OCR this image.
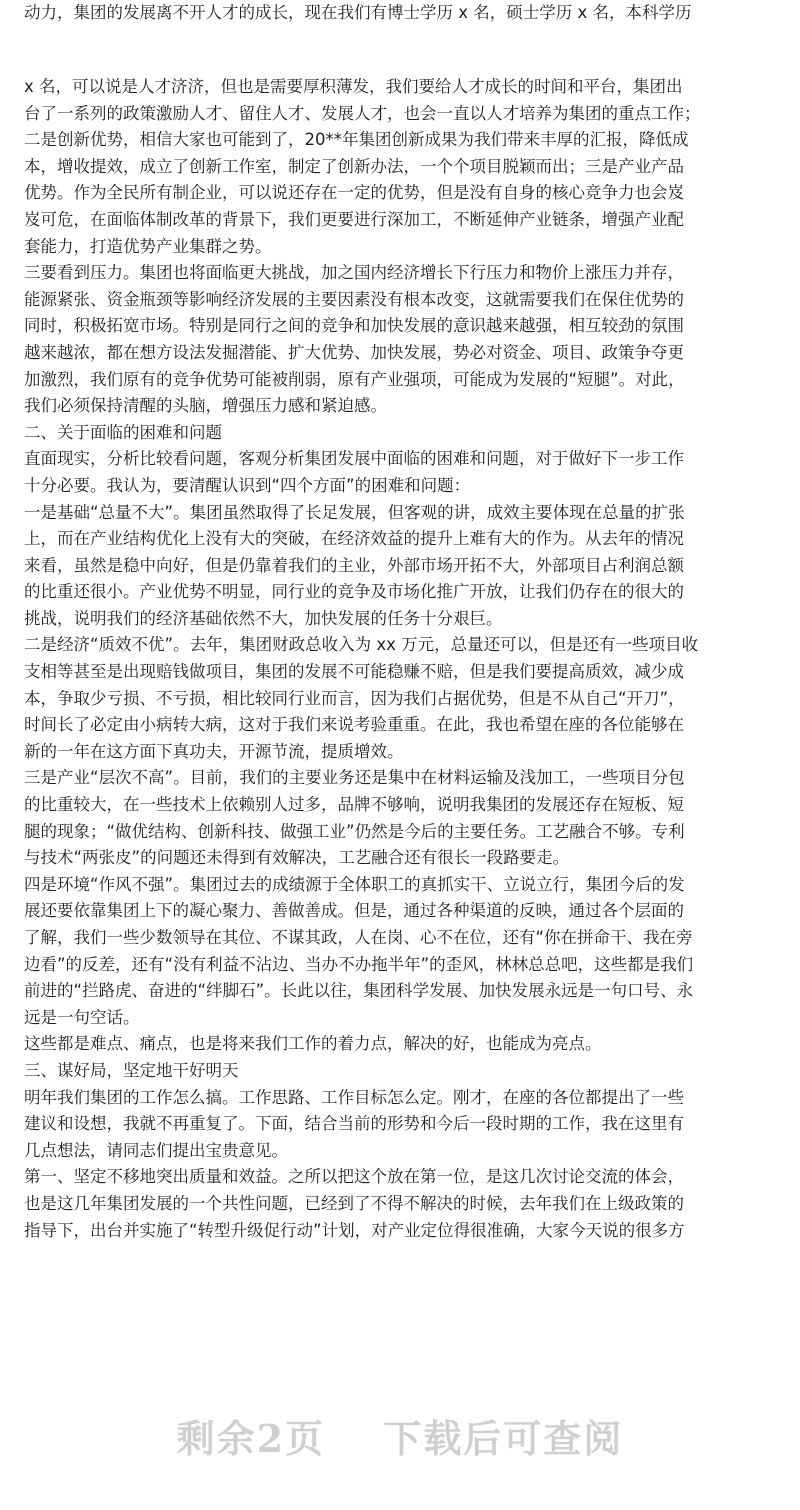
动力，集团的发展离不开人才的成长，现在我们有博士学历 x 名，硕士学历 x 名，本科学历

x 名，可以说是人才济济，但也是需要厚积薄发，我们要给人才成长的时间和平台，集团出

台了一系列的政策激励人才、留住人才、发展人才，也会一直以人才培养为集团的重点工作；

二是创新优势，相信大家也可能到了，20**年集团创新成果为我们带来丰厚的汇报，降低成

本，增收提效，成立了创新工作室，制定了创新办法，一个个项目脱颖而出；三是产业产品

优势。作为全民所有制企业，可以说还存在一定的优势，但是没有自身的核心竞争力也会岌

岌可危，在面临体制改革的背景下，我们更要进行深加工，不断延伸产业链条，增强产业配

套能力，打造优势产业集群之势。

三要看到压力。集团也将面临更大挑战，加之国内经济增长下行压力和物价上涨压力并存，

能源紧张、资金瓶颈等影响经济发展的主要因素没有根本改变，这就需要我们在保住优势的

同时，积极拓宽市场。特别是同行之间的竞争和加快发展的意识越来越强，相互较劲的氛围

越来越浓，都在想方设法发掘潜能、扩大优势、加快发展，势必对资金、项目、政策争夺更

加激烈，我们原有的竞争优势可能被削弱，原有产业强项，可能成为发展的“短腿”。对此，

我们必须保持清醒的头脑，增强压力感和紧迫感。

二、关于面临的困难和问题

直面现实，分析比较看问题，客观分析集团发展中面临的困难和问题，对于做好下一步工作

十分必要。我认为，要清醒认识到“四个方面”的困难和问题：

一是基础“总量不大”。集团虽然取得了长足发展，但客观的讲，成效主要体现在总量的扩张

上，而在产业结构优化上没有大的突破，在经济效益的提升上难有大的作为。从去年的情况

来看，虽然是稳中向好，但是仍靠着我们的主业，外部市场开拓不大，外部项目占利润总额

的比重还很小。产业优势不明显，同行业的竞争及市场化推广开放，让我们仍存在的很大的

挑战，说明我们的经济基础依然不大，加快发展的任务十分艰巨。

二是经济“质效不优”。去年，集团财政总收入为 xx 万元，总量还可以，但是还有一些项目收

支相等甚至是出现赔钱做项目，集团的发展不可能稳赚不赔，但是我们要提高质效，减少成

本，争取少亏损、不亏损，相比较同行业而言，因为我们占据优势，但是不从自己“开刀”，

时间长了必定由小病转大病，这对于我们来说考验重重。在此，我也希望在座的各位能够在

新的一年在这方面下真功夫，开源节流，提质增效。

三是产业“层次不高”。目前，我们的主要业务还是集中在材料运输及浅加工，一些项目分包

的比重较大，在一些技术上依赖别人过多，品牌不够响，说明我集团的发展还存在短板、短

腿的现象；“做优结构、创新科技、做强工业”仍然是今后的主要任务。工艺融合不够。专利

与技术“两张皮”的问题还未得到有效解决，工艺融合还有很长一段路要走。

四是环境“作风不强”。集团过去的成绩源于全体职工的真抓实干、立说立行，集团今后的发

展还要依靠集团上下的凝心聚力、善做善成。但是，通过各种渠道的反映，通过各个层面的

了解，我们一些少数领导在其位、不谋其政，人在岗、心不在位，还有“你在拼命干、我在旁

边看”的反差，还有“没有利益不沾边、当办不办拖半年”的歪风，林林总总吧，这些都是我们

前进的“拦路虎、奋进的“绊脚石”。长此以往，集团科学发展、加快发展永远是一句口号、永

远是一句空话。

这些都是难点、痛点，也是将来我们工作的着力点，解决的好，也能成为亮点。

三、谋好局，坚定地干好明天

明年我们集团的工作怎么搞。工作思路、工作目标怎么定。刚才，在座的各位都提出了一些

建议和设想，我就不再重复了。下面，结合当前的形势和今后一段时期的工作，我在这里有

几点想法，请同志们提出宝贵意见。

第一、坚定不移地突出质量和效益。之所以把这个放在第一位，是这几次讨论交流的体会，

也是这几年集团发展的一个共性问题，已经到了不得不解决的时候，去年我们在上级政策的

指导下，出台并实施了“转型升级促行动”计划，对产业定位得很准确，大家今天说的很多方

剩余2页 下载后可查阅
